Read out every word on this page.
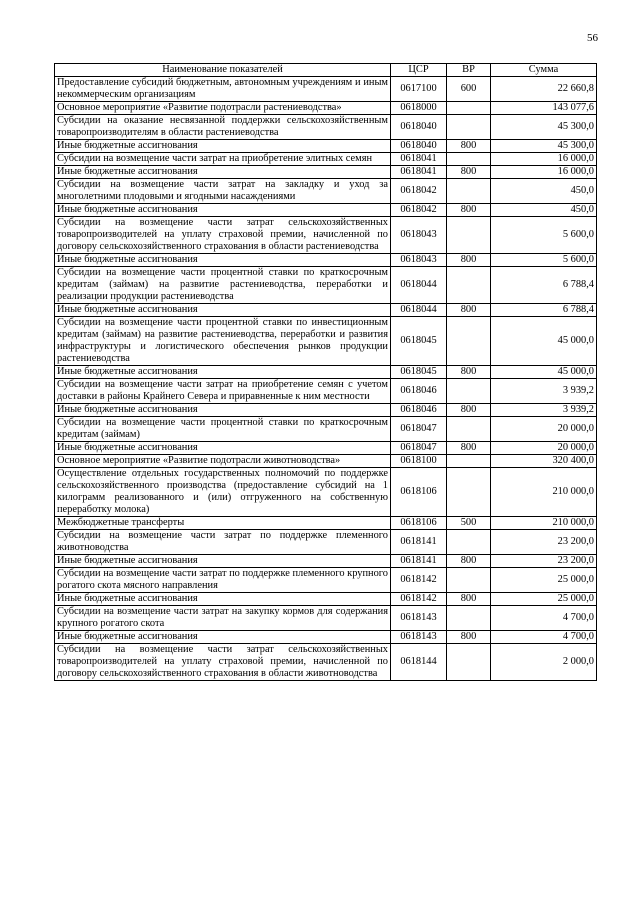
56
Наименование показателей	ЦСР	ВР	Сумма
Предоставление субсидий бюджетным, автономным учреждениям и иным некоммерческим организациям	0617100	600	22 660,8
Основное мероприятие «Развитие подотрасли растениеводства»	0618000		143 077,6
Субсидии на оказание несвязанной поддержки сельскохозяйственным товаропроизводителям в области растениеводства	0618040		45 300,0
Иные бюджетные ассигнования	0618040	800	45 300,0
Субсидии на возмещение части затрат на приобретение элитных семян	0618041		16 000,0
Иные бюджетные ассигнования	0618041	800	16 000,0
Субсидии на возмещение части затрат на закладку и уход за многолетними плодовыми и ягодными насаждениями	0618042		450,0
Иные бюджетные ассигнования	0618042	800	450,0
Субсидии на возмещение части затрат сельскохозяйственных товаропроизводителей на уплату страховой премии, начисленной по договору сельскохозяйственного страхования в области растениеводства	0618043		5 600,0
Иные бюджетные ассигнования	0618043	800	5 600,0
Субсидии на возмещение части процентной ставки по краткосрочным кредитам (займам) на развитие растениеводства, переработки и реализации продукции растениеводства	0618044		6 788,4
Иные бюджетные ассигнования	0618044	800	6 788,4
Субсидии на возмещение части процентной ставки по инвестиционным кредитам (займам) на развитие растениеводства, переработки и развития инфраструктуры и логистического обеспечения рынков продукции растениеводства	0618045		45 000,0
Иные бюджетные ассигнования	0618045	800	45 000,0
Субсидии на возмещение части затрат на приобретение семян с учетом доставки в районы Крайнего Севера и приравненные к ним местности	0618046		3 939,2
Иные бюджетные ассигнования	0618046	800	3 939,2
Субсидии на возмещение части процентной ставки по краткосрочным кредитам (займам)	0618047		20 000,0
Иные бюджетные ассигнования	0618047	800	20 000,0
Основное мероприятие «Развитие подотрасли животноводства»	0618100		320 400,0
Осуществление отдельных государственных полномочий по поддержке сельскохозяйственного производства (предоставление субсидий на 1 килограмм реализованного и (или) отгруженного на собственную переработку молока)	0618106		210 000,0
Межбюджетные трансферты	0618106	500	210 000,0
Субсидии на возмещение части затрат по поддержке племенного животноводства	0618141		23 200,0
Иные бюджетные ассигнования	0618141	800	23 200,0
Субсидии на возмещение части затрат по поддержке племенного крупного рогатого скота мясного направления	0618142		25 000,0
Иные бюджетные ассигнования	0618142	800	25 000,0
Субсидии на возмещение части затрат на закупку кормов для содержания крупного рогатого скота	0618143		4 700,0
Иные бюджетные ассигнования	0618143	800	4 700,0
Субсидии на возмещение части затрат сельскохозяйственных товаропроизводителей на уплату страховой премии, начисленной по договору сельскохозяйственного страхования в области животноводства	0618144		2 000,0
